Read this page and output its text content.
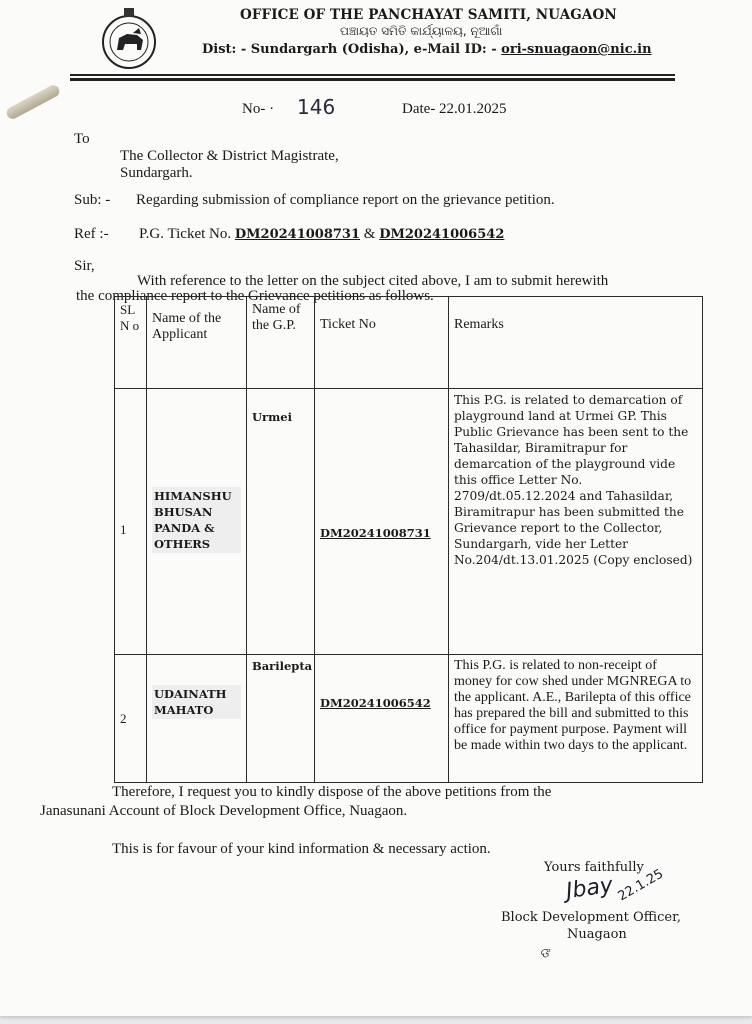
OFFICE OF THE PANCHAYAT SAMITI, NUAGAON
ପଞ୍ଚାୟତ ସମିତି କାର୍ଯ୍ୟାଳୟ, ନୂଆଗାଁ
Dist: - Sundargarh (Odisha), e-Mail ID: - ori-snuagaon@nic.in
No- · 146	Date- 22.01.2025
To
The Collector & District Magistrate,
Sundargarh.
Sub: - Regarding submission of compliance report on the grievance petition.
Ref :- P.G. Ticket No. DM20241008731 & DM20241006542
Sir,
With reference to the letter on the subject cited above, I am to submit herewith
the compliance report to the Grievance petitions as follows.
SL N o	Name of the Applicant	Name of the G.P.	Ticket No	Remarks
1	HIMANSHU BHUSAN PANDA & OTHERS	Urmei	DM20241008731	This P.G. is related to demarcation of playground land at Urmei GP. This Public Grievance has been sent to the Tahasildar, Biramitrapur for demarcation of the playground vide this office Letter No. 2709/dt.05.12.2024 and Tahasildar, Biramitrapur has been submitted the Grievance report to the Collector, Sundargarh, vide her Letter No.204/dt.13.01.2025 (Copy enclosed)
2	UDAINATH MAHATO	Barilepta	DM20241006542	This P.G. is related to non-receipt of money for cow shed under MGNREGA to the applicant. A.E., Barilepta of this office has prepared the bill and submitted to this office for payment purpose. Payment will be made within two days to the applicant.
Therefore, I request you to kindly dispose of the above petitions from the
Janasunani Account of Block Development Office, Nuagaon.
This is for favour of your kind information & necessary action.
Yours faithfully
Jbay 22.1.25
Block Development Officer,
Nuagaon
ଙ
